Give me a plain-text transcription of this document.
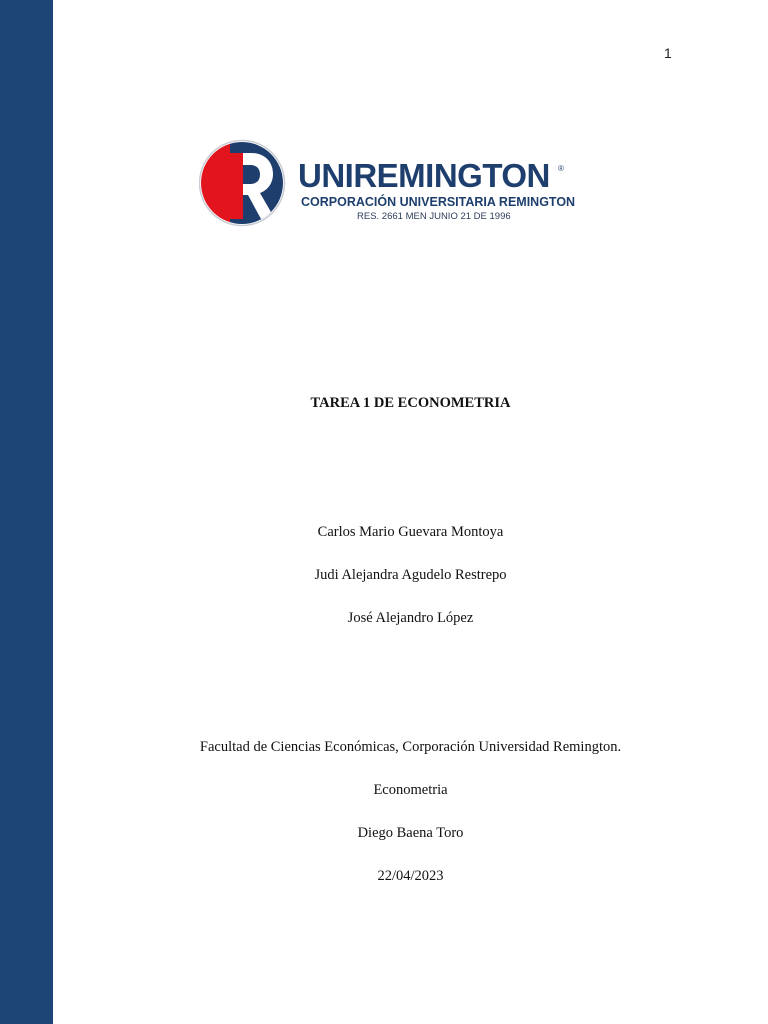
1
UNIREMINGTON ®
CORPORACIÓN UNIVERSITARIA REMINGTON
RES. 2661 MEN JUNIO 21 DE 1996
TAREA 1 DE ECONOMETRIA
Carlos Mario Guevara Montoya
Judi Alejandra Agudelo Restrepo
José Alejandro López
Facultad de Ciencias Económicas, Corporación Universidad Remington.
Econometria
Diego Baena Toro
22/04/2023
